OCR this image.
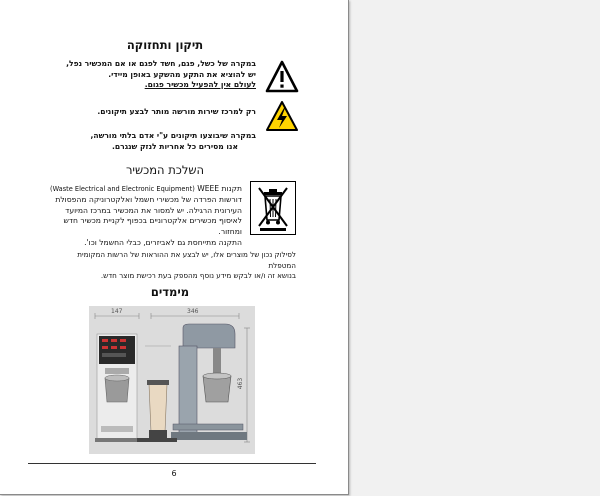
תיקון ותחזוקה
במקרה של כשל, פגם, חשד לפגם או אם המכשיר נפל,
יש להוציא את התקע מהשקע באופן מיידי.
לעולם אין להפעיל מכשיר פגום.
רק למרכז שירות מורשה מותר לבצע תיקונים.
במקרה שיבוצעו תיקונים ע"י אדם בלתי מורשה,
אנו מסירים כל אחריות לנזק שנגרם.
השלכת המכשיר
(Waste Electrical and Electronic Equipment) תקנות WEEE
דורשות הפרדה של מכשירי חשמל ואלקטרוניקה מהפסולת
העירונית הרגילה. יש למסור את המכשיר במרכז המיועד
לאיסוף מכשירים אלקטרוניים בכפוף לקניית מכשיר חדש
ומחזור.
התקנה מתייחסת גם לאביזרים, כבלי החשמל וכו'.
לסילוק נכון של מוצרים אלו, יש לבצע את ההוראות של הרשות המקומית המטפלת
בנושא זה ו/או לבקש מידע נוסף מהספק בעת רכישת מוצר חדש.
מימדים
147	346
463
6
